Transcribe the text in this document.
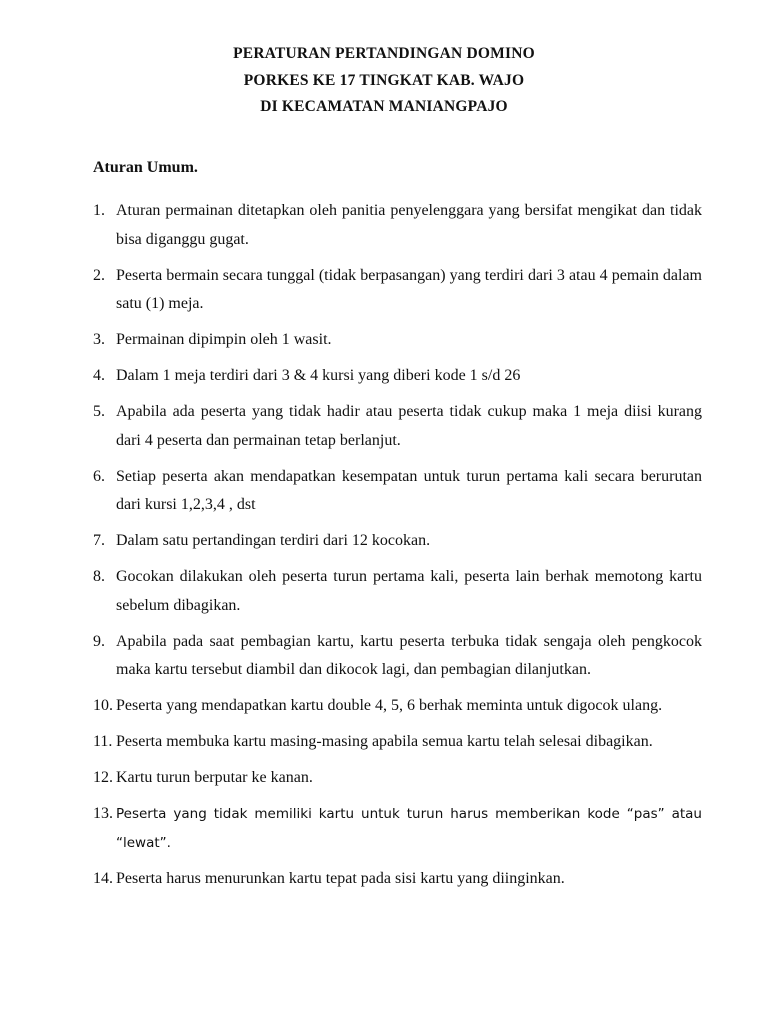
PERATURAN PERTANDINGAN DOMINO
PORKES KE 17 TINGKAT KAB. WAJO
DI KECAMATAN MANIANGPAJO
Aturan Umum.
1. Aturan permainan ditetapkan oleh panitia penyelenggara yang bersifat mengikat dan tidak bisa diganggu gugat.
2. Peserta bermain secara tunggal (tidak berpasangan) yang terdiri dari 3 atau 4 pemain dalam satu (1) meja.
3. Permainan dipimpin oleh 1 wasit.
4. Dalam 1 meja terdiri dari 3 & 4 kursi yang diberi kode 1 s/d 26
5. Apabila ada peserta yang tidak hadir atau peserta tidak cukup maka 1 meja diisi kurang dari 4 peserta dan permainan tetap berlanjut.
6. Setiap peserta akan mendapatkan kesempatan untuk turun pertama kali secara berurutan dari kursi 1,2,3,4 , dst
7. Dalam satu pertandingan terdiri dari 12 kocokan.
8. Gocokan dilakukan oleh peserta turun pertama kali, peserta lain berhak memotong kartu sebelum dibagikan.
9. Apabila pada saat pembagian kartu, kartu peserta terbuka tidak sengaja oleh pengkocok maka kartu tersebut diambil dan dikocok lagi, dan pembagian dilanjutkan.
10. Peserta yang mendapatkan kartu double 4, 5, 6 berhak meminta untuk digocok ulang.
11. Peserta membuka kartu masing-masing apabila semua kartu telah selesai dibagikan.
12. Kartu turun berputar ke kanan.
13. Peserta yang tidak memiliki kartu untuk turun harus memberikan kode “pas” atau “lewat”.
14. Peserta harus menurunkan kartu tepat pada sisi kartu yang diinginkan.
